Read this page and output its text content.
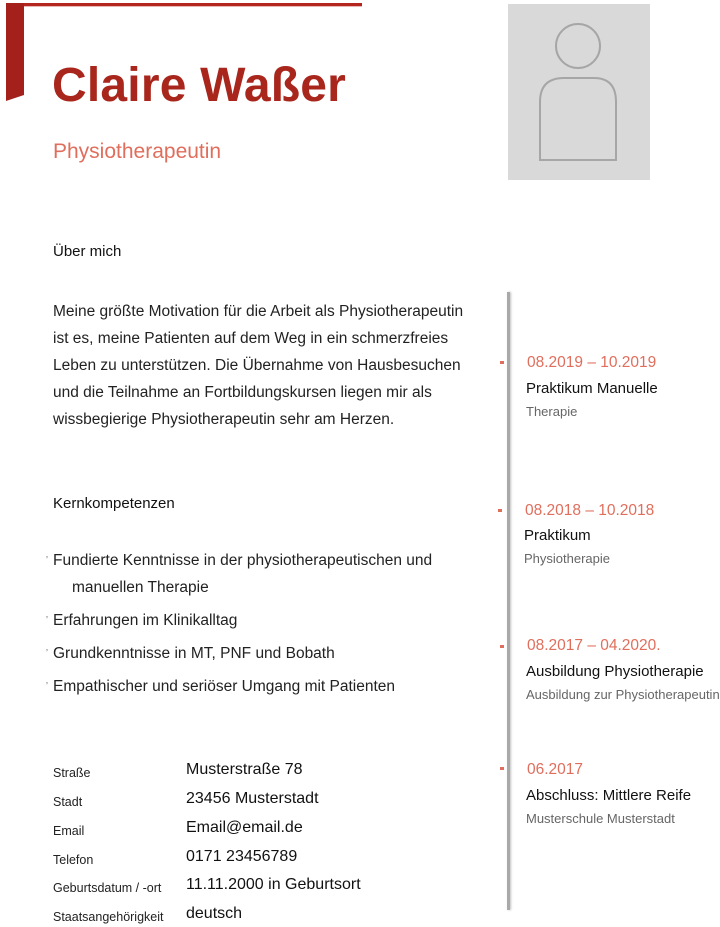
Claire Waßer
Physiotherapeutin
Über mich

Meine größte Motivation für die Arbeit als Physiotherapeutin ist es, meine Patienten auf dem Weg in ein schmerzfreies Leben zu unterstützen. Die Übernahme von Hausbesuchen und die Teilnahme an Fortbildungskursen liegen mir als wissbegierige Physiotherapeutin sehr am Herzen.

Kernkompetenzen
ʼ Fundierte Kenntnisse in der physiotherapeutischen und
manuellen Therapie
ʼ Erfahrungen im Klinikalltag
ʼ Grundkenntnisse in MT, PNF und Bobath
ʼ Empathischer und seriöser Umgang mit Patienten
Straße	Musterstraße 78
Stadt	23456 Musterstadt
Email	Email@email.de
Telefon	0171 23456789
Geburtsdatum / -ort 11.11.2000 in Geburtsort
Staatsangehörigkeit deutsch
08.2019 – 10.2019
Praktikum Manuelle
Therapie
08.2018 – 10.2018
Praktikum
Physiotherapie
08.2017 – 04.2020.
Ausbildung Physiotherapie
Ausbildung zur Physiotherapeutin
06.2017
Abschluss: Mittlere Reife
Musterschule Musterstadt
